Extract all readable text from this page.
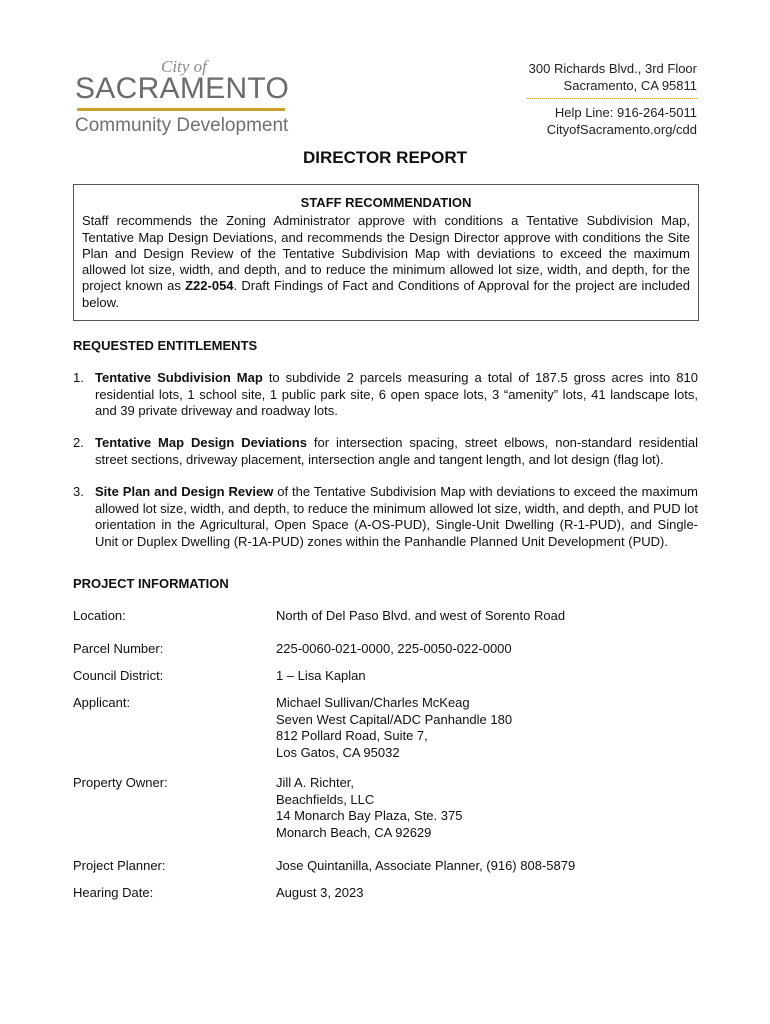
City of
SACRAMENTO
Community Development
300 Richards Blvd., 3rd Floor
Sacramento, CA 95811
Help Line: 916-264-5011
CityofSacramento.org/cdd
DIRECTOR REPORT
STAFF RECOMMENDATION
Staff recommends the Zoning Administrator approve with conditions a Tentative Subdivision Map, Tentative Map Design Deviations, and recommends the Design Director approve with conditions the Site Plan and Design Review of the Tentative Subdivision Map with deviations to exceed the maximum allowed lot size, width, and depth, and to reduce the minimum allowed lot size, width, and depth, for the project known as Z22-054. Draft Findings of Fact and Conditions of Approval for the project are included below.
REQUESTED ENTITLEMENTS
1. Tentative Subdivision Map to subdivide 2 parcels measuring a total of 187.5 gross acres into 810 residential lots, 1 school site, 1 public park site, 6 open space lots, 3 “amenity” lots, 41 landscape lots, and 39 private driveway and roadway lots.
2. Tentative Map Design Deviations for intersection spacing, street elbows, non-standard residential street sections, driveway placement, intersection angle and tangent length, and lot design (flag lot).
3. Site Plan and Design Review of the Tentative Subdivision Map with deviations to exceed the maximum allowed lot size, width, and depth, to reduce the minimum allowed lot size, width, and depth, and PUD lot orientation in the Agricultural, Open Space (A-OS-PUD), Single-Unit Dwelling (R-1-PUD), and Single-Unit or Duplex Dwelling (R-1A-PUD) zones within the Panhandle Planned Unit Development (PUD).
PROJECT INFORMATION
Location:	North of Del Paso Blvd. and west of Sorento Road
Parcel Number:	225-0060-021-0000, 225-0050-022-0000
Council District:	1 – Lisa Kaplan
Applicant:	Michael Sullivan/Charles McKeag
Seven West Capital/ADC Panhandle 180
812 Pollard Road, Suite 7,
Los Gatos, CA 95032
Property Owner:	Jill A. Richter,
Beachfields, LLC
14 Monarch Bay Plaza, Ste. 375
Monarch Beach, CA 92629
Project Planner:	Jose Quintanilla, Associate Planner, (916) 808-5879
Hearing Date:	August 3, 2023
